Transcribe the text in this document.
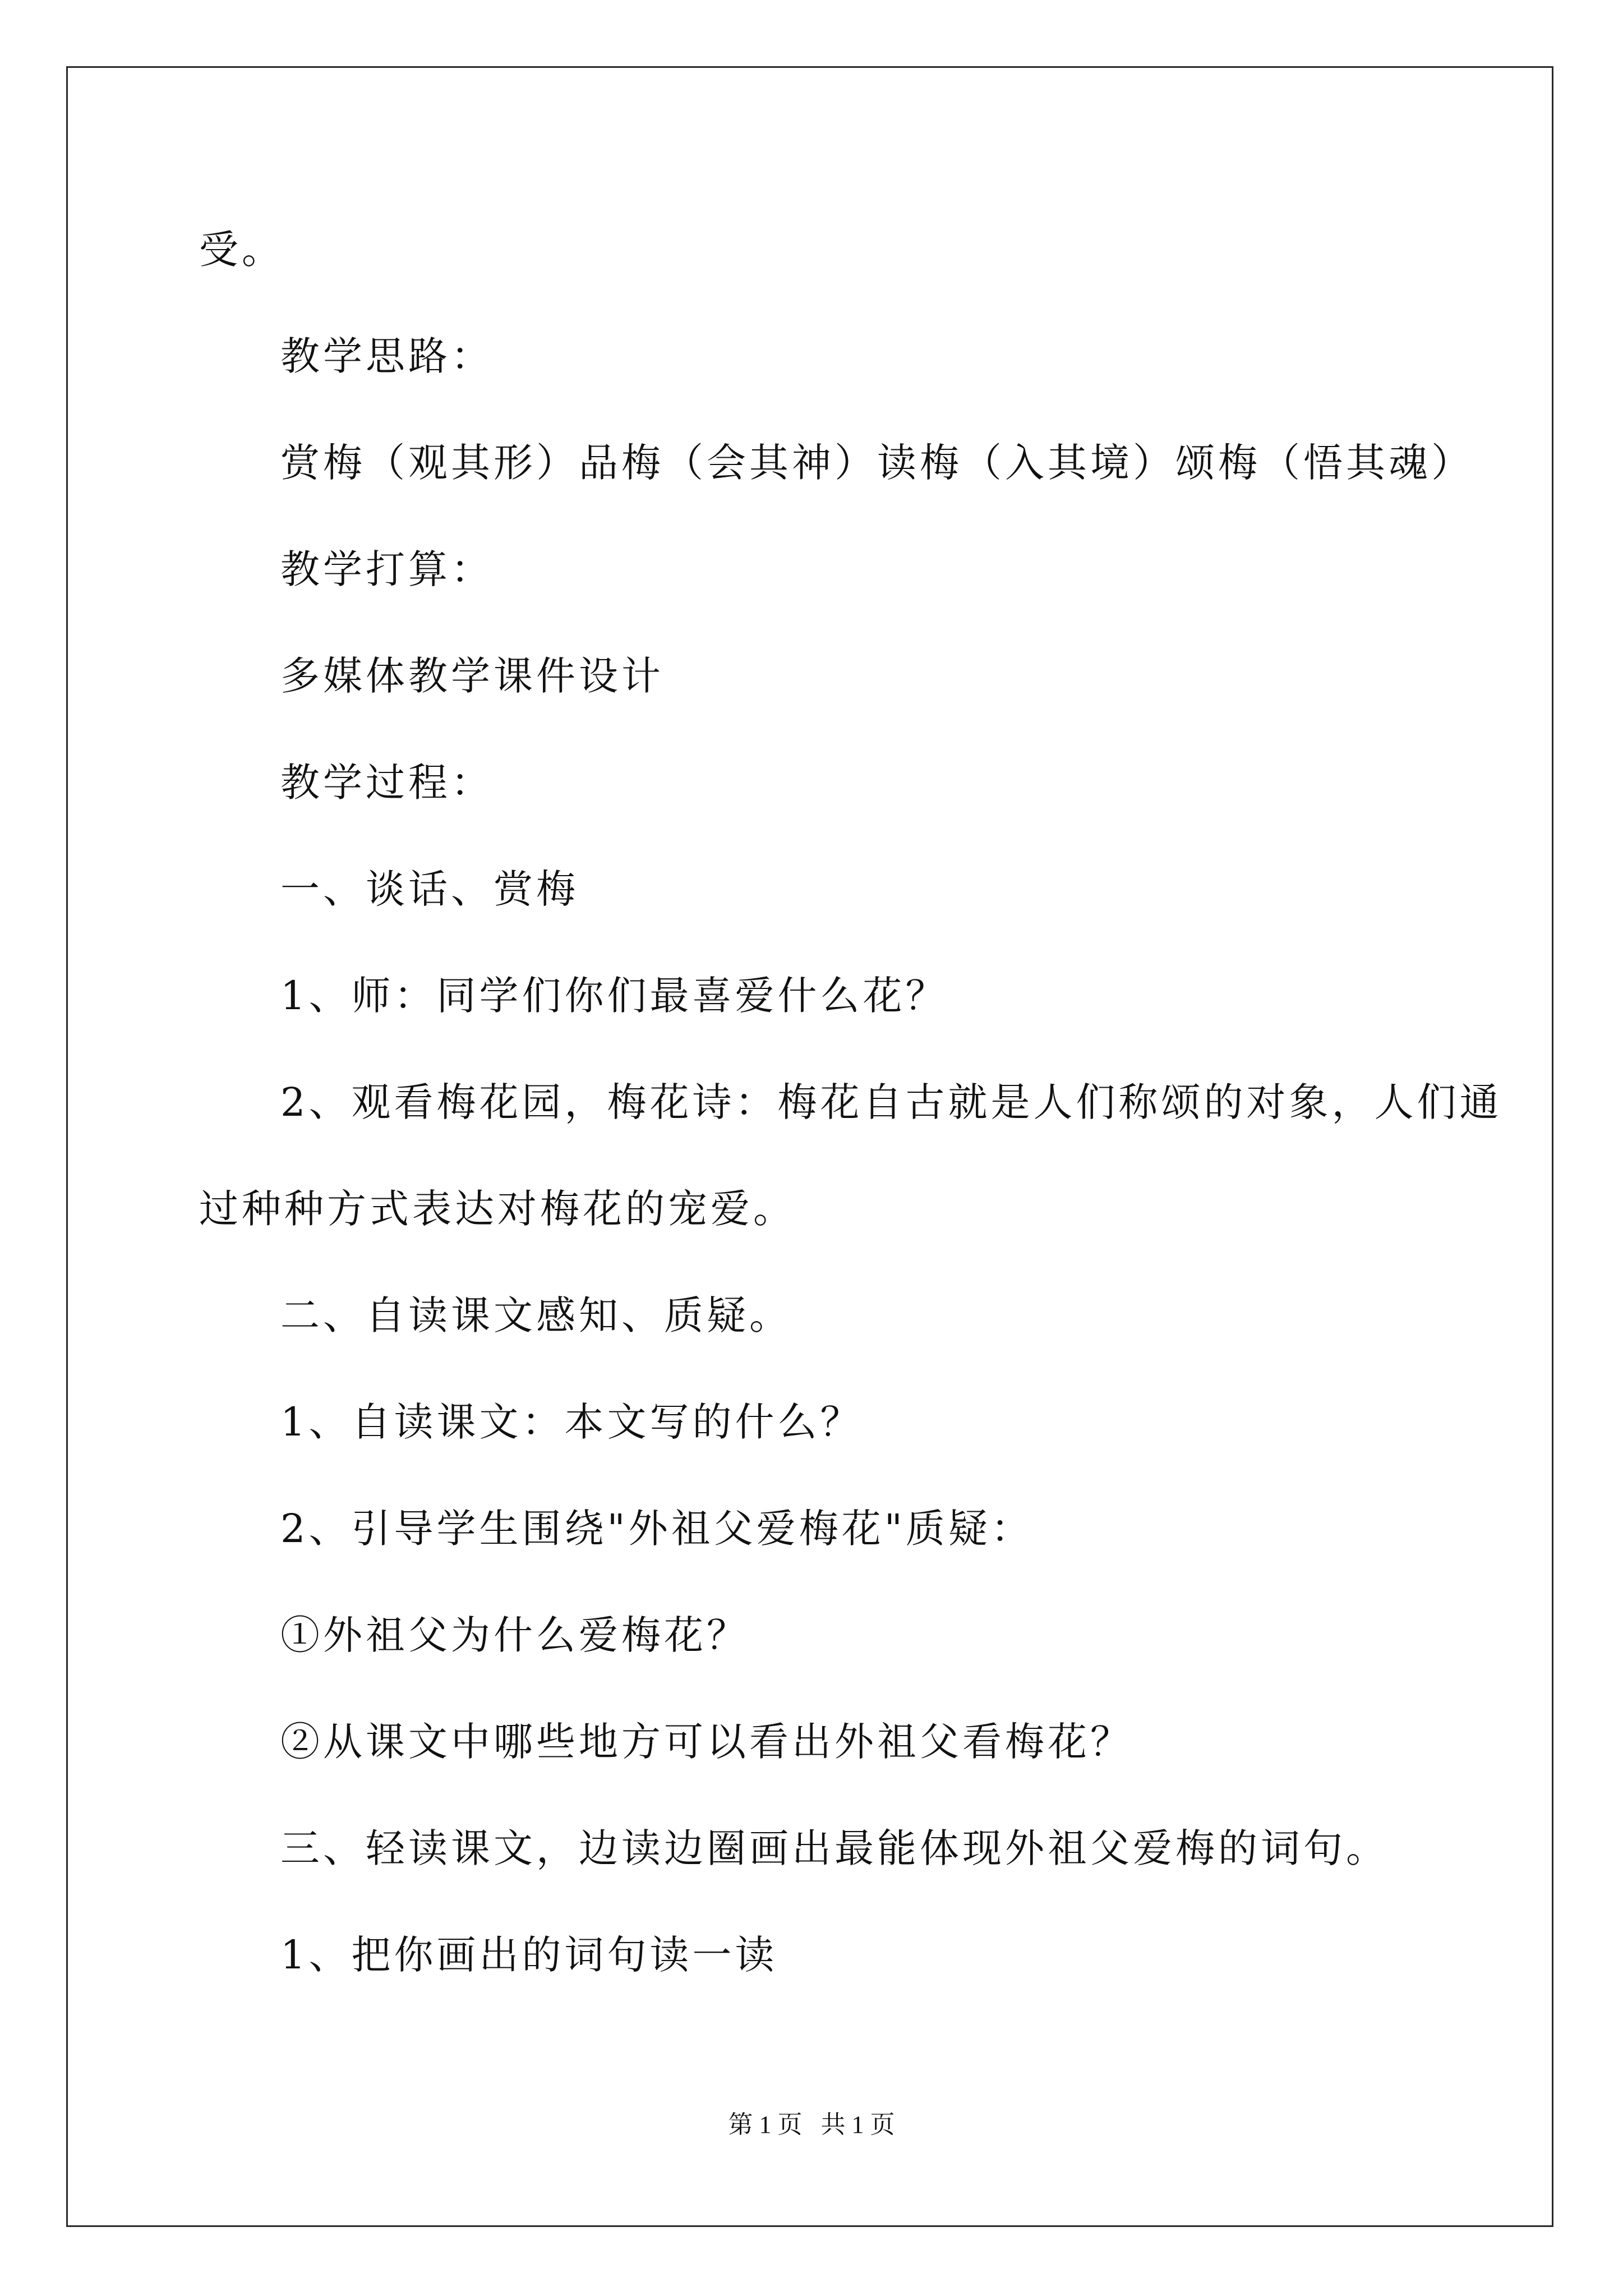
受。
教学思路：
赏梅（观其形）品梅（会其神）读梅（入其境）颂梅（悟其魂）
教学打算：
多媒体教学课件设计
教学过程：
一、谈话、赏梅
1、师：同学们你们最喜爱什么花？
2、观看梅花园，梅花诗：梅花自古就是人们称颂的对象，人们通
过种种方式表达对梅花的宠爱。
二、自读课文感知、质疑。
1、自读课文：本文写的什么？
2、引导学生围绕"外祖父爱梅花"质疑：
①外祖父为什么爱梅花？
②从课文中哪些地方可以看出外祖父看梅花？
三、轻读课文，边读边圈画出最能体现外祖父爱梅的词句。
1、把你画出的词句读一读
第 1 页   共 1 页
